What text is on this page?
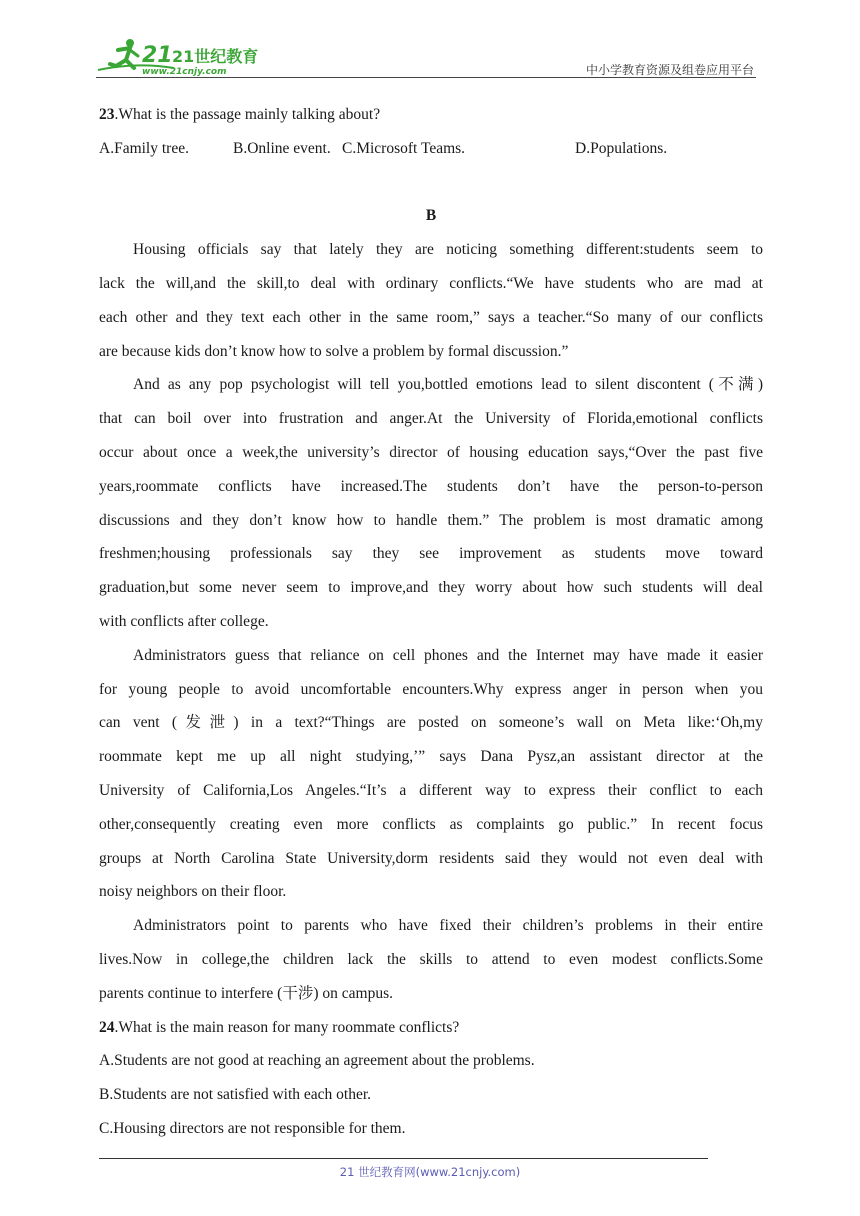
21 21世纪教育
www.21cnjy.com	中小学教育资源及组卷应用平台
23.What is the passage mainly talking about?
A.Family tree.	B.Online event. C.Microsoft Teams.	D.Populations.
B
Housing officials say that lately they are noticing something different:students seem to
lack the will,and the skill,to deal with ordinary conflicts.“We have students who are mad at
each other and they text each other in the same room,” says a teacher.“So many of our conflicts
are because kids don’t know how to solve a problem by formal discussion.”
And as any pop psychologist will tell you,bottled emotions lead to silent discontent (不满)
that can boil over into frustration and anger.At the University of Florida,emotional conflicts
occur about once a week,the university’s director of housing education says,“Over the past five
years,roommate conflicts have increased.The students don’t have the person-to-person
discussions and they don’t know how to handle them.” The problem is most dramatic among
freshmen;housing professionals say they see improvement as students move toward
graduation,but some never seem to improve,and they worry about how such students will deal
with conflicts after college.
Administrators guess that reliance on cell phones and the Internet may have made it easier
for young people to avoid uncomfortable encounters.Why express anger in person when you
can vent (发泄) in a text?“Things are posted on someone’s wall on Meta like:‘Oh,my
roommate kept me up all night studying,’” says Dana Pysz,an assistant director at the
University of California,Los Angeles.“It’s a different way to express their conflict to each
other,consequently creating even more conflicts as complaints go public.” In recent focus
groups at North Carolina State University,dorm residents said they would not even deal with
noisy neighbors on their floor.
Administrators point to parents who have fixed their children’s problems in their entire
lives.Now in college,the children lack the skills to attend to even modest conflicts.Some
parents continue to interfere (干涉) on campus.
24.What is the main reason for many roommate conflicts?
A.Students are not good at reaching an agreement about the problems.
B.Students are not satisfied with each other.
C.Housing directors are not responsible for them.
21 世纪教育网(www.21cnjy.com)
